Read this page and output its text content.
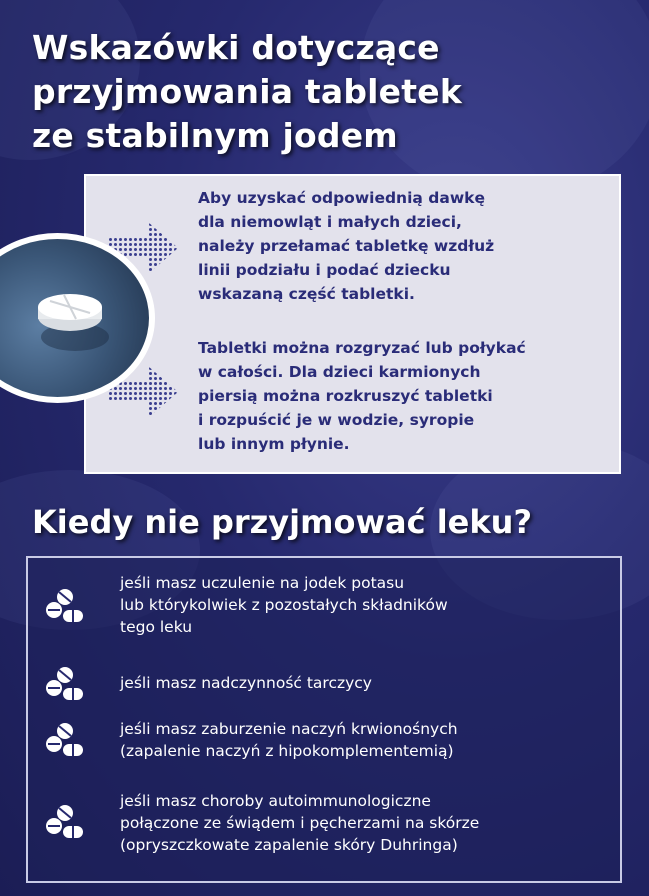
Wskazówki dotyczące
przyjmowania tabletek
ze stabilnym jodem
Aby uzyskać odpowiednią dawkę
dla niemowląt i małych dzieci,
należy przełamać tabletkę wzdłuż
linii podziału i podać dziecku
wskazaną część tabletki.
Tabletki można rozgryzać lub połykać
w całości. Dla dzieci karmionych
piersią można rozkruszyć tabletki
i rozpuścić je w wodzie, syropie
lub innym płynie.
Kiedy nie przyjmować leku?
jeśli masz uczulenie na jodek potasu
lub którykolwiek z pozostałych składników
tego leku
jeśli masz nadczynność tarczycy
jeśli masz zaburzenie naczyń krwionośnych
(zapalenie naczyń z hipokomplementemią)
jeśli masz choroby autoimmunologiczne
połączone ze świądem i pęcherzami na skórze
(opryszczkowate zapalenie skóry Duhringa)
